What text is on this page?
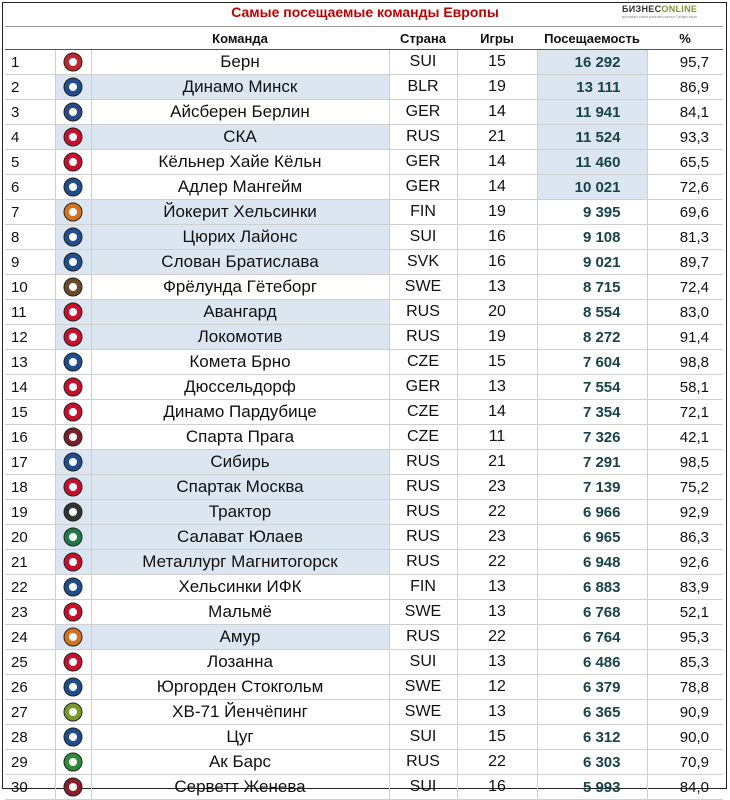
Самые посещаемые команды Европы	БИЗНЕСONLINE
деловая электронная газета Татарстана
		Команда	Страна	Игры	Посещаемость	%
1		Берн	SUI	15	16 292	95,7
2		Динамо Минск	BLR	19	13 111	86,9
3		Айсберен Берлин	GER	14	11 941	84,1
4		СКА	RUS	21	11 524	93,3
5		Кёльнер Хайе Кёльн	GER	14	11 460	65,5
6		Адлер Мангейм	GER	14	10 021	72,6
7		Йокерит Хельсинки	FIN	19	9 395	69,6
8		Цюрих Лайонс	SUI	16	9 108	81,3
9		Слован Братислава	SVK	16	9 021	89,7
10		Фрёлунда Гётеборг	SWE	13	8 715	72,4
11		Авангард	RUS	20	8 554	83,0
12		Локомотив	RUS	19	8 272	91,4
13		Комета Брно	CZE	15	7 604	98,8
14		Дюссельдорф	GER	13	7 554	58,1
15		Динамо Пардубице	CZE	14	7 354	72,1
16		Спарта Прага	CZE	11	7 326	42,1
17		Сибирь	RUS	21	7 291	98,5
18		Спартак Москва	RUS	23	7 139	75,2
19		Трактор	RUS	22	6 966	92,9
20		Салават Юлаев	RUS	23	6 965	86,3
21		Металлург Магнитогорск	RUS	22	6 948	92,6
22		Хельсинки ИФК	FIN	13	6 883	83,9
23		Мальмё	SWE	13	6 768	52,1
24		Амур	RUS	22	6 764	95,3
25		Лозанна	SUI	13	6 486	85,3
26		Юргорден Стокгольм	SWE	12	6 379	78,8
27		ХВ-71 Йенчёпинг	SWE	13	6 365	90,9
28		Цуг	SUI	15	6 312	90,0
29		Ак Барс	RUS	22	6 303	70,9
30		Серветт Женева	SUI	16	5 993	84,0
